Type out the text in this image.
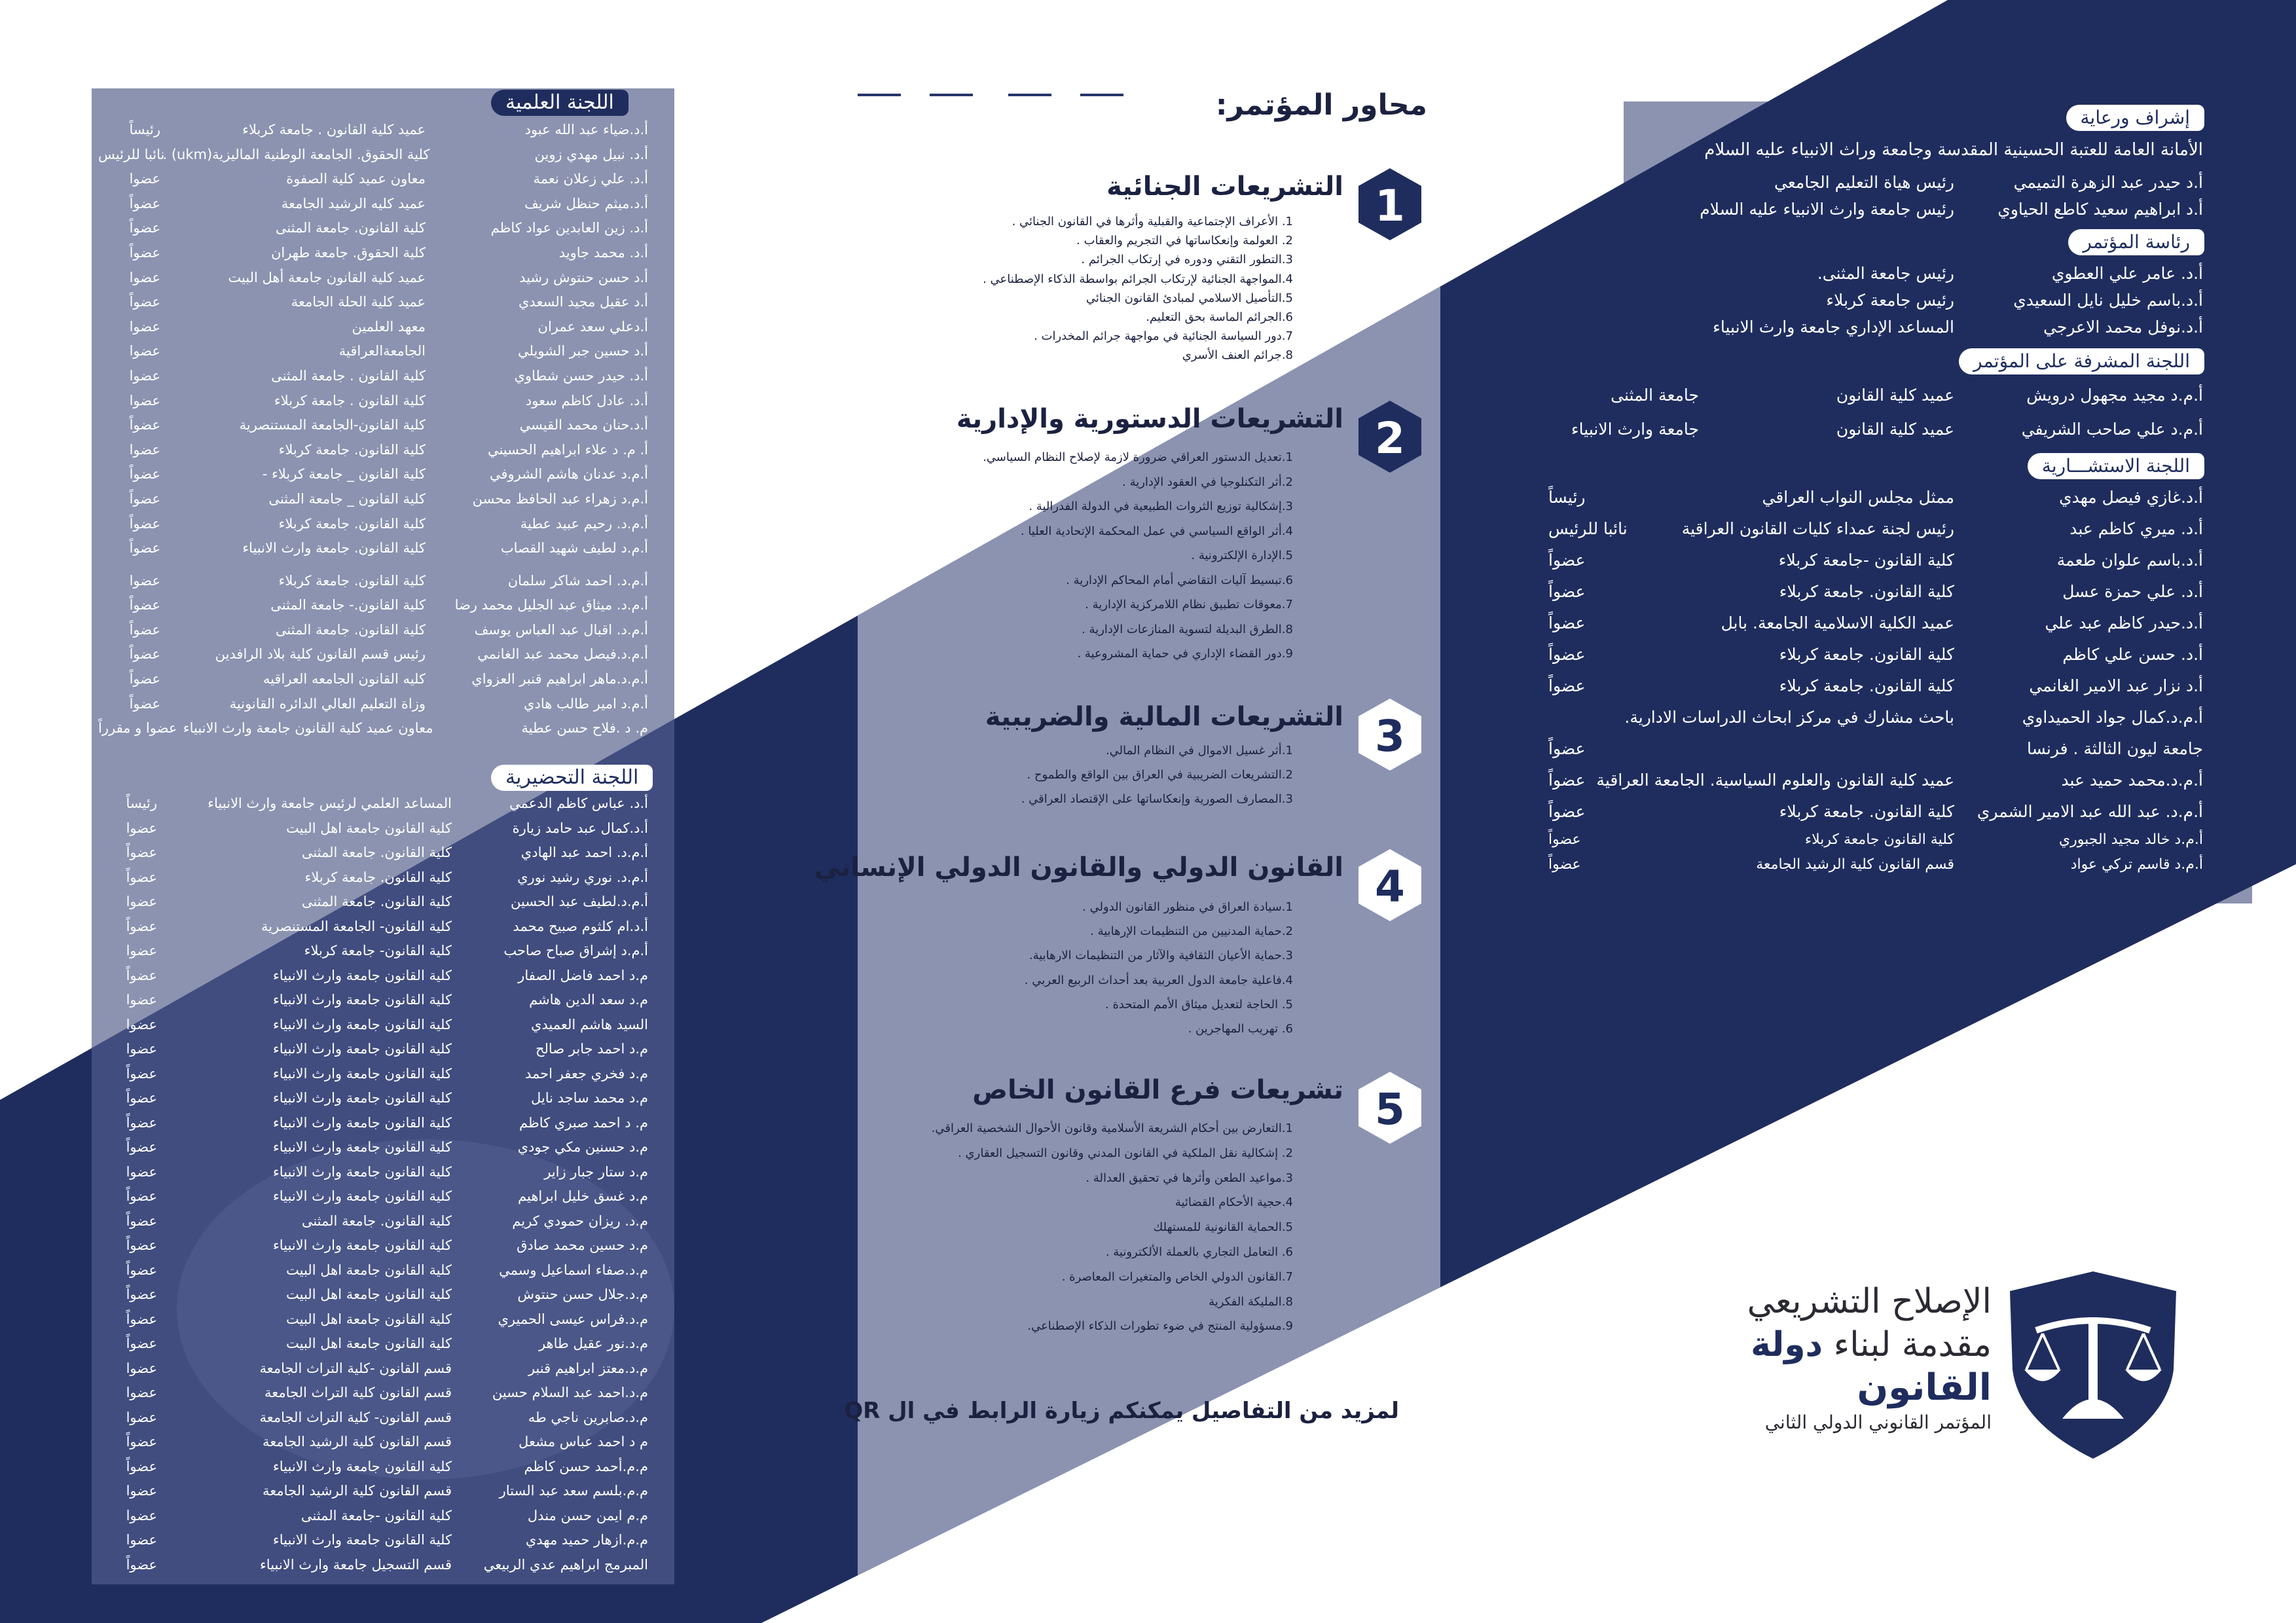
اللجنة العلمية
أ.د.ضياء عبد الله عبود
عميد كلية القانون . جامعة كربلاء
رئيساً
أ.د. نبيل مهدي زوين
كلية الحقوق. الجامعة الوطنية الماليزية(ukm) .
نائبا للرئيس
أ.د. علي زعلان نعمة
معاون عميد كلية الصفوة
عضوا
أ.د.ميثم حنظل شريف
عميد كليه الرشيد الجامعة
عضواً
أ.د. زين العابدين عواد كاظم
كلية القانون. جامعة المثنى
عضواً
أ.د. محمد جاويد
كلية الحقوق. جامعة طهران
عضواً
أ.د حسن حنتوش رشيد
عميد كلية القانون جامعة أهل البيت
عضوا
أ.د عقيل مجيد السعدي
عميد كلية الحلة الجامعة
عضواً
أ.دعلي سعد عمران
معهد العلمين
عضوا
أ.د حسين جبر الشويلي
الجامعةالعراقية
عضوا
أ.د. حيدر حسن شطاوي
كلية القانون . جامعة المثنى
عضوا
أ.د. عادل كاظم سعود
كلية القانون . جامعة كربلاء
عضوا
أ.د.حنان محمد القيسي
كلية القانون-الجامعة المستنصرية
عضواً
أ. م. د علاء ابراهيم الحسيني
كلية القانون. جامعة كربلاء
عضوا
أ.م.د عدنان هاشم الشروفي
كلية القانون _ جامعة كربلاء -
عضواً
أ.م.د زهراء عبد الحافظ محسن
كلية القانون _ جامعة المثنى
عضواً
أ.م.د. رحيم عبيد عطية
كلية القانون. جامعة كربلاء
عضواً
أ.م.د لطيف شهيد القصاب
كلية القانون. جامعة وارث الانبياء
عضواً
أ.م.د. احمد شاكر سلمان
كلية القانون. جامعة كربلاء
عضوا
أ.م.د. ميثاق عبد الجليل محمد رضا
كلية القانون.- جامعة المثنى
عضواً
أ.م.د. اقبال عبد العباس يوسف
كلية القانون. جامعة المثنى
عضواً
أ.م.د.فيصل محمد عبد الغانمي
رئيس قسم القانون كلية بلاد الرافدين
عضواً
أ.م.د.ماهر ابراهيم قنبر العزواي
كليه القانون الجامعه العراقيه
عضواً
أ.م.د امير طالب هادي
وزاة التعليم العالي الدائره القانونية
عضواً
م. د .فلاح حسن عطية
معاون عميد كلية القانون جامعة وارث الانبياء
عضوا و مقرراً
اللجنة التحضيرية
أ.د. عباس كاظم الدعمي
المساعد العلمي لرئيس جامعة وارث الانبياء
رئيساً
أ.د.كمال عبد حامد زيارة
كلية القانون جامعة اهل البيت
عضوا
أ.م.د. احمد عبد الهادي
كلية القانون. جامعة المثنى
عضواً
أ.م.د. نوري رشيد نوري
كلية القانون. جامعة كربلاء
عضواً
أ.م.د.لطيف عبد الحسين
كلية القانون. جامعة المثنى
عضوا
أ.د.ام كلثوم صبيح محمد
كلية القانون- الجامعة المستنصرية
عضواً
أ.م.د إشراق صباح صاحب
كلية القانون- جامعة كربلاء
عضوا
م.د احمد فاضل الصفار
كلية القانون جامعة وارث الانبياء
عضواً
م.د سعد الدين هاشم
كلية القانون جامعة وارث الانبياء
عضوا
السيد هاشم العميدي
كلية القانون جامعة وارث الانبياء
عضوا
م.د احمد جابر صالح
كلية القانون جامعة وارث الانبياء
عضوا
م.د فخري جعفر احمد
كلية القانون جامعة وارث الانبياء
عضواً
م.د محمد ساجد نايل
كلية القانون جامعة وارث الانبياء
عضواً
م. د احمد صبري كاظم
كلية القانون جامعة وارث الانبياء
عضواً
م.د حسنين مكي جودي
كلية القانون جامعة وارث الانبياء
عضواً
م.د ستار جبار زاير
كلية القانون جامعة وارث الانبياء
عضوا
م.د غسق خليل ابراهيم
كلية القانون جامعة وارث الانبياء
عضواً
م.د. ريزان حمودي كريم
كلية القانون. جامعة المثنى
عضواً
م.د حسين محمد صادق
كلية القانون جامعة وارث الانبياء
عضواً
م.د.صفاء اسماعيل وسمي
كلية القانون جامعة اهل البيت
عضواً
م.د.جلال حسن حنتوش
كلية القانون جامعة اهل البيت
عضواً
م.د.فراس عيسى الحميري
كلية القانون جامعة اهل البيت
عضواً
م.د.نور عقيل طاهر
كلية القانون جامعة اهل البيت
عضواً
م.د.معتز ابراهيم قنبر
قسم القانون -كلية التراث الجامعة
عضوا
م.د.احمد عبد السلام حسين
قسم القانون كلية التراث الجامعة
عضوا
م.د.صابرين ناجي طه
قسم القانون- كلية التراث الجامعة
عضوا
م د احمد عباس مشعل
قسم القانون كلية الرشيد الجامعة
عضواً
م.م.أحمد حسن كاظم
كلية القانون جامعة وارث الانبياء
عضواً
م.م.بلسم سعد عبد الستار
قسم القانون كلية الرشيد الجامعة
عضوا
م.م ايمن حسن مندل
كلية القانون -جامعة المثنى
عضوا
م.م.ازهار حميد مهدي
كلية القانون جامعة وارث الانبياء
عضوا
المبرمج ابراهيم عدي الربيعي
قسم التسجيل جامعة وارث الانبياء
عضواً
محاور المؤتمر:
1
التشريعات الجنائية
1. الأعراف الإجتماعية والقبلية وأثرها في القانون الجنائي .
2. العولمة وإنعكاساتها في التجريم والعقاب .
3.التطور التقني ودوره في إرتكاب الجرائم .
4.المواجهة الجنائية لإرتكاب الجرائم بواسطة الذكاء الإصطناعي .
5.التأصيل الاسلامي لمبادئ القانون الجنائي
6.الجرائم الماسة بحق التعليم.
7.دور السياسة الجنائية في مواجهة جرائم المخدرات .
8.جرائم العنف الأسري
2
التشريعات الدستورية والإدارية
1.تعديل الدستور العراقي ضرورة لازمة لإصلاح النظام السياسي.
2.أثر التكنلوجيا في العقود الإدارية .
3.إشكالية توزيع الثروات الطبيعية في الدولة الفدرالية .
4.أثر الواقع السياسي في عمل المحكمة الإتحادية العليا .
5.الإدارة الإلكترونية .
6.تبسيط آليات التقاضي أمام المحاكم الإدارية .
7.معوقات تطبيق نظام اللامركزية الإدارية .
8.الطرق البديلة لتسوية المنازعات الإدارية .
9.دور القضاء الإداري في حماية المشروعية .
3
التشريعات المالية والضريبية
1.أثر غسيل الاموال في النظام المالي.
2.التشريعات الضريبية في العراق بين الواقع والطموح .
3.المصارف الصورية وإنعكاساتها على الإقتصاد العراقي .
4
القانون الدولي والقانون الدولي الإنساني
1.سيادة العراق في منظور القانون الدولي .
2.حماية المدنيين من التنظيمات الإرهابية .
3.حماية الأعيان الثقافية والآثار من التنظيمات الارهابية.
4.فاعلية جامعة الدول العربية بعد أحداث الربيع العربي .
5. الحاجة لتعديل ميثاق الأمم المتحدة .
6. تهريب المهاجرين .
5
تشريعات فرع القانون الخاص
1.التعارض بين أحكام الشريعة الأسلامية وقانون الأحوال الشخصية العراقي.
2. إشكالية نقل الملكية في القانون المدني وقانون التسجيل العقاري .
3.مواعيد الطعن وأثرها في تحقيق العدالة .
4.حجية الأحكام القضائية
5.الحماية القانونية للمستهلك
6. التعامل التجاري بالعملة الألكترونية .
7.القانون الدولي الخاص والمتغيرات المعاصرة .
8.المليكة الفكرية
9.مسؤولية المنتج في ضوء تطورات الذكاء الإصطناعي.
لمزيد من التفاصيل يمكنكم زيارة الرابط في ال QR
إشراف ورعاية
الأمانة العامة للعتبة الحسينية المقدسة وجامعة وراث الانبياء عليه السلام
أ.د حيدر عبد الزهرة التميمي
رئيس هياة التعليم الجامعي
أ.د ابراهيم سعيد كاطع الحياوي
رئيس جامعة وارث الانبياء عليه السلام
رئاسة المؤتمر
أ.د. عامر علي العطوي
رئيس جامعة المثنى.
أ.د.باسم خليل نايل السعيدي
رئيس جامعة كربلاء
أ.د.نوفل محمد الاعرجي
المساعد الإداري جامعة وارث الانبياء
اللجنة المشرفة على المؤتمر
أ.م.د مجيد مجهول درويش
عميد كلية القانون
جامعة المثنى
أ.م.د علي صاحب الشريفي
عميد كلية القانون
جامعة وارث الانبياء
اللجنة الاستشـــارية
أ.د.غازي فيصل مهدي
ممثل مجلس النواب العراقي
رئيساً
أ.د. ميري كاظم عبد
رئيس لجنة عمداء كليات القانون العراقية
نائبا للرئيس
أ.د.باسم علوان طعمة
كلية القانون -جامعة كربلاء
عضواً
أ.د. علي حمزة عسل
كلية القانون. جامعة كربلاء
عضواً
أ.د.حيدر كاظم عبد علي
عميد الكلية الاسلامية الجامعة. بابل
عضواً
أ.د. حسن علي كاظم
كلية القانون. جامعة كربلاء
عضواً
أ.د نزار عبد الامير الغانمي
كلية القانون. جامعة كربلاء
عضواً
أ.م.د.كمال جواد الحميداوي
باحث مشارك في مركز ابحاث الدراسات الادارية.
جامعة ليون الثالثة . فرنسا
عضواً
أ.م.د.محمد حميد عبد
عميد كلية القانون والعلوم السياسية. الجامعة العراقية
عضواً
أ.م.د. عبد الله عبد الامير الشمري
كلية القانون. جامعة كربلاء
عضواً
أ.م.د خالد مجيد الجبوري
كلية القانون جامعة كربلاء
عضواً
أ.م.د قاسم تركي عواد
قسم القانون كلية الرشيد الجامعة
عضواً
الإصلاح التشريعي
مقدمة لبناء دولة
القانون
المؤتمر القانوني الدولي الثاني
